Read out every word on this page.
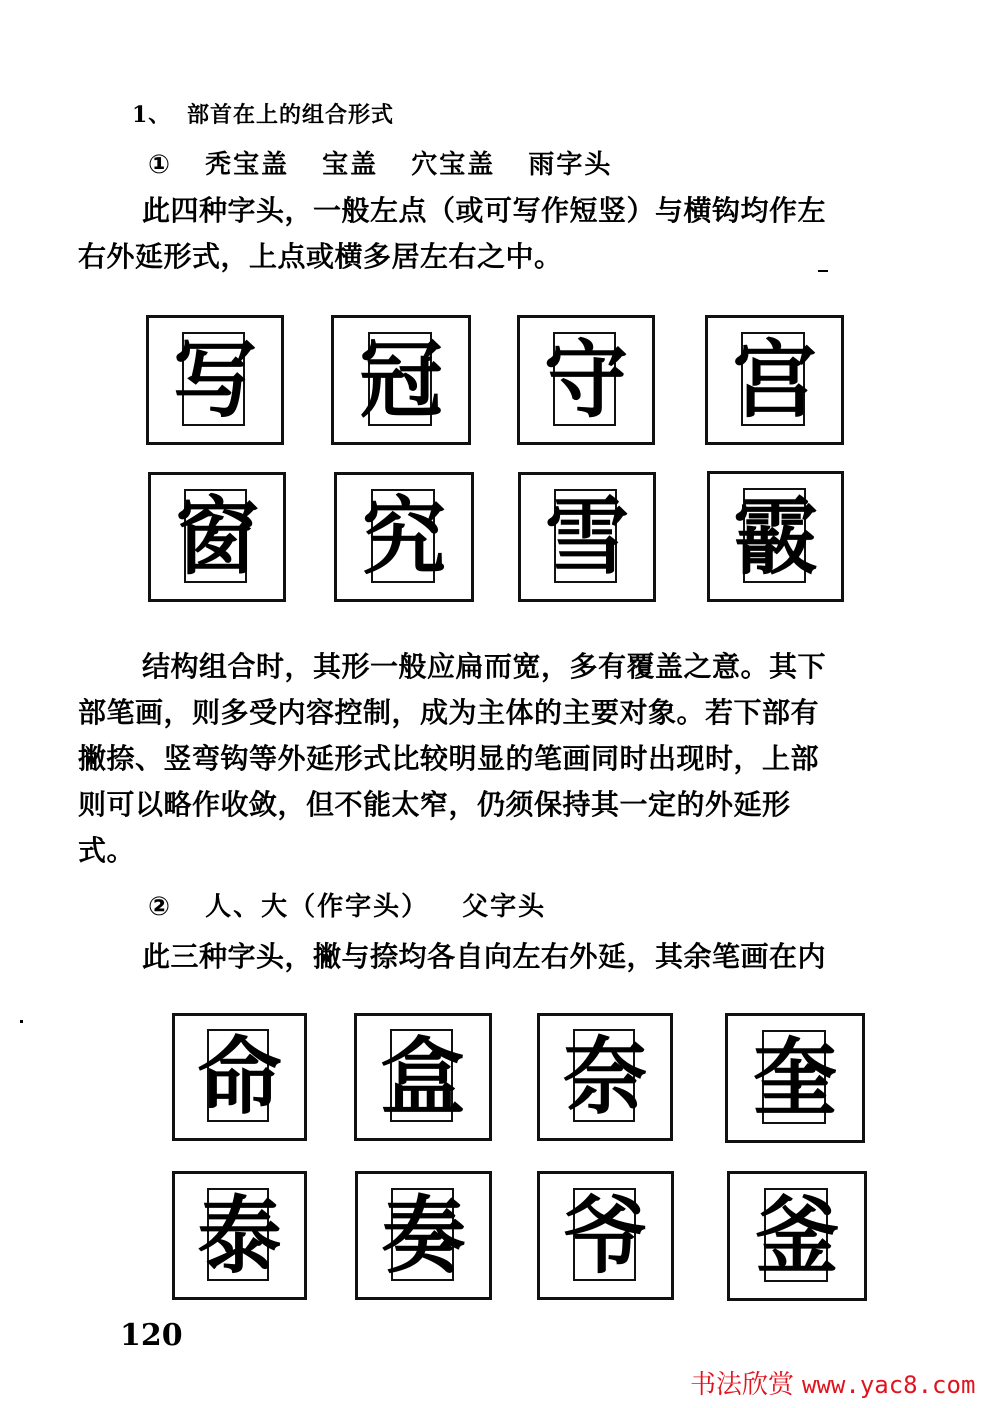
1、 部首在上的组合形式
① 秃宝盖 宝盖 穴宝盖 雨字头
此四种字头，一般左点（或可写作短竖）与横钩均作左
右外延形式，上点或横多居左右之中。
写 冠 守 宫
窗 究 雪 霰
结构组合时，其形一般应扁而宽，多有覆盖之意。其下
部笔画，则多受内容控制，成为主体的主要对象。若下部有
撇捺、竖弯钩等外延形式比较明显的笔画同时出现时，上部
则可以略作收敛，但不能太窄，仍须保持其一定的外延形
式。
② 人、大（作字头） 父字头
此三种字头，撇与捺均各自向左右外延，其余笔画在内
命 盒 奈 奎
泰 奏 爷 釜
120
书法欣赏 www.yac8.com
